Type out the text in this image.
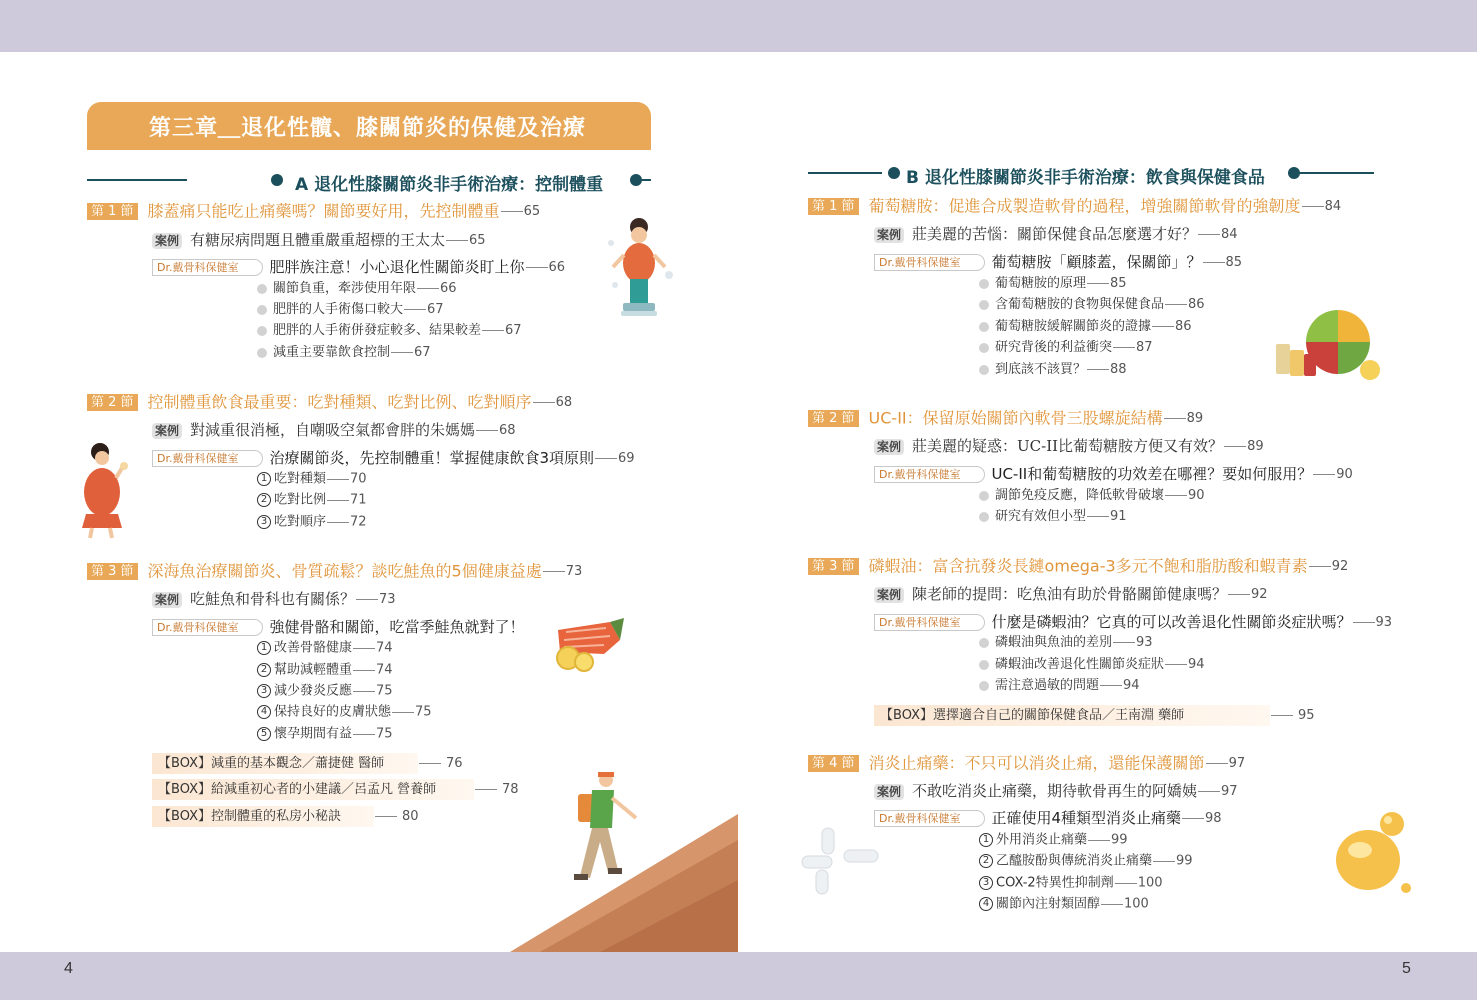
4	5
第三章＿退化性髖、膝關節炎的保健及治療
A 退化性膝關節炎非手術治療：控制體重
第 1 節 膝蓋痛只能吃止痛藥嗎？關節要好用，先控制體重 65
案例 有糖尿病問題且體重嚴重超標的王太太 65
Dr.戴骨科保健室 肥胖族注意！小心退化性關節炎盯上你 66
關節負重，牽涉使用年限 66
肥胖的人手術傷口較大 67
肥胖的人手術併發症較多、結果較差 67
減重主要靠飲食控制 67
第 2 節 控制體重飲食最重要：吃對種類、吃對比例、吃對順序 68
案例 對減重很消極，自嘲吸空氣都會胖的朱媽媽 68
Dr.戴骨科保健室 治療關節炎，先控制體重！掌握健康飲食3項原則 69
1 吃對種類 70
2 吃對比例 71
3 吃對順序 72
第 3 節 深海魚治療關節炎、骨質疏鬆？談吃鮭魚的5個健康益處 73
案例 吃鮭魚和骨科也有關係？ 73
Dr.戴骨科保健室 強健骨骼和關節，吃當季鮭魚就對了！
1 改善骨骼健康 74
2 幫助減輕體重 74
3 減少發炎反應 75
4 保持良好的皮膚狀態 75
5 懷孕期間有益 75
【BOX】減重的基本觀念／蕭捷健 醫師	76
【BOX】給減重初心者的小建議／呂孟凡 營養師	78
【BOX】控制體重的私房小秘訣	80
B 退化性膝關節炎非手術治療：飲食與保健食品
第 1 節 葡萄糖胺：促進合成製造軟骨的過程，增強關節軟骨的強韌度 84
案例 莊美麗的苦惱：關節保健食品怎麼選才好？ 84
Dr.戴骨科保健室 葡萄糖胺「顧膝蓋，保關節」？ 85
葡萄糖胺的原理 85
含葡萄糖胺的食物與保健食品 86
葡萄糖胺緩解關節炎的證據 86
研究背後的利益衝突 87
到底該不該買？ 88
第 2 節 UC-II：保留原始關節內軟骨三股螺旋結構 89
案例 莊美麗的疑惑：UC-II比葡萄糖胺方便又有效？ 89
Dr.戴骨科保健室 UC-II和葡萄糖胺的功效差在哪裡？要如何服用？ 90
調節免疫反應，降低軟骨破壞 90
研究有效但小型 91
第 3 節 磷蝦油：富含抗發炎長鏈omega-3多元不飽和脂肪酸和蝦青素 92
案例 陳老師的提問：吃魚油有助於骨骼關節健康嗎？ 92
Dr.戴骨科保健室 什麼是磷蝦油？它真的可以改善退化性關節炎症狀嗎？ 93
磷蝦油與魚油的差別 93
磷蝦油改善退化性關節炎症狀 94
需注意過敏的問題 94
【BOX】選擇適合自己的關節保健食品／王南淵 藥師	95
第 4 節 消炎止痛藥：不只可以消炎止痛，還能保護關節 97
案例 不敢吃消炎止痛藥，期待軟骨再生的阿嬌姨 97
Dr.戴骨科保健室 正確使用4種類型消炎止痛藥 98
1 外用消炎止痛藥 99
2 乙醯胺酚與傳統消炎止痛藥 99
3 COX-2特異性抑制劑 100
4 關節內注射類固醇 100
